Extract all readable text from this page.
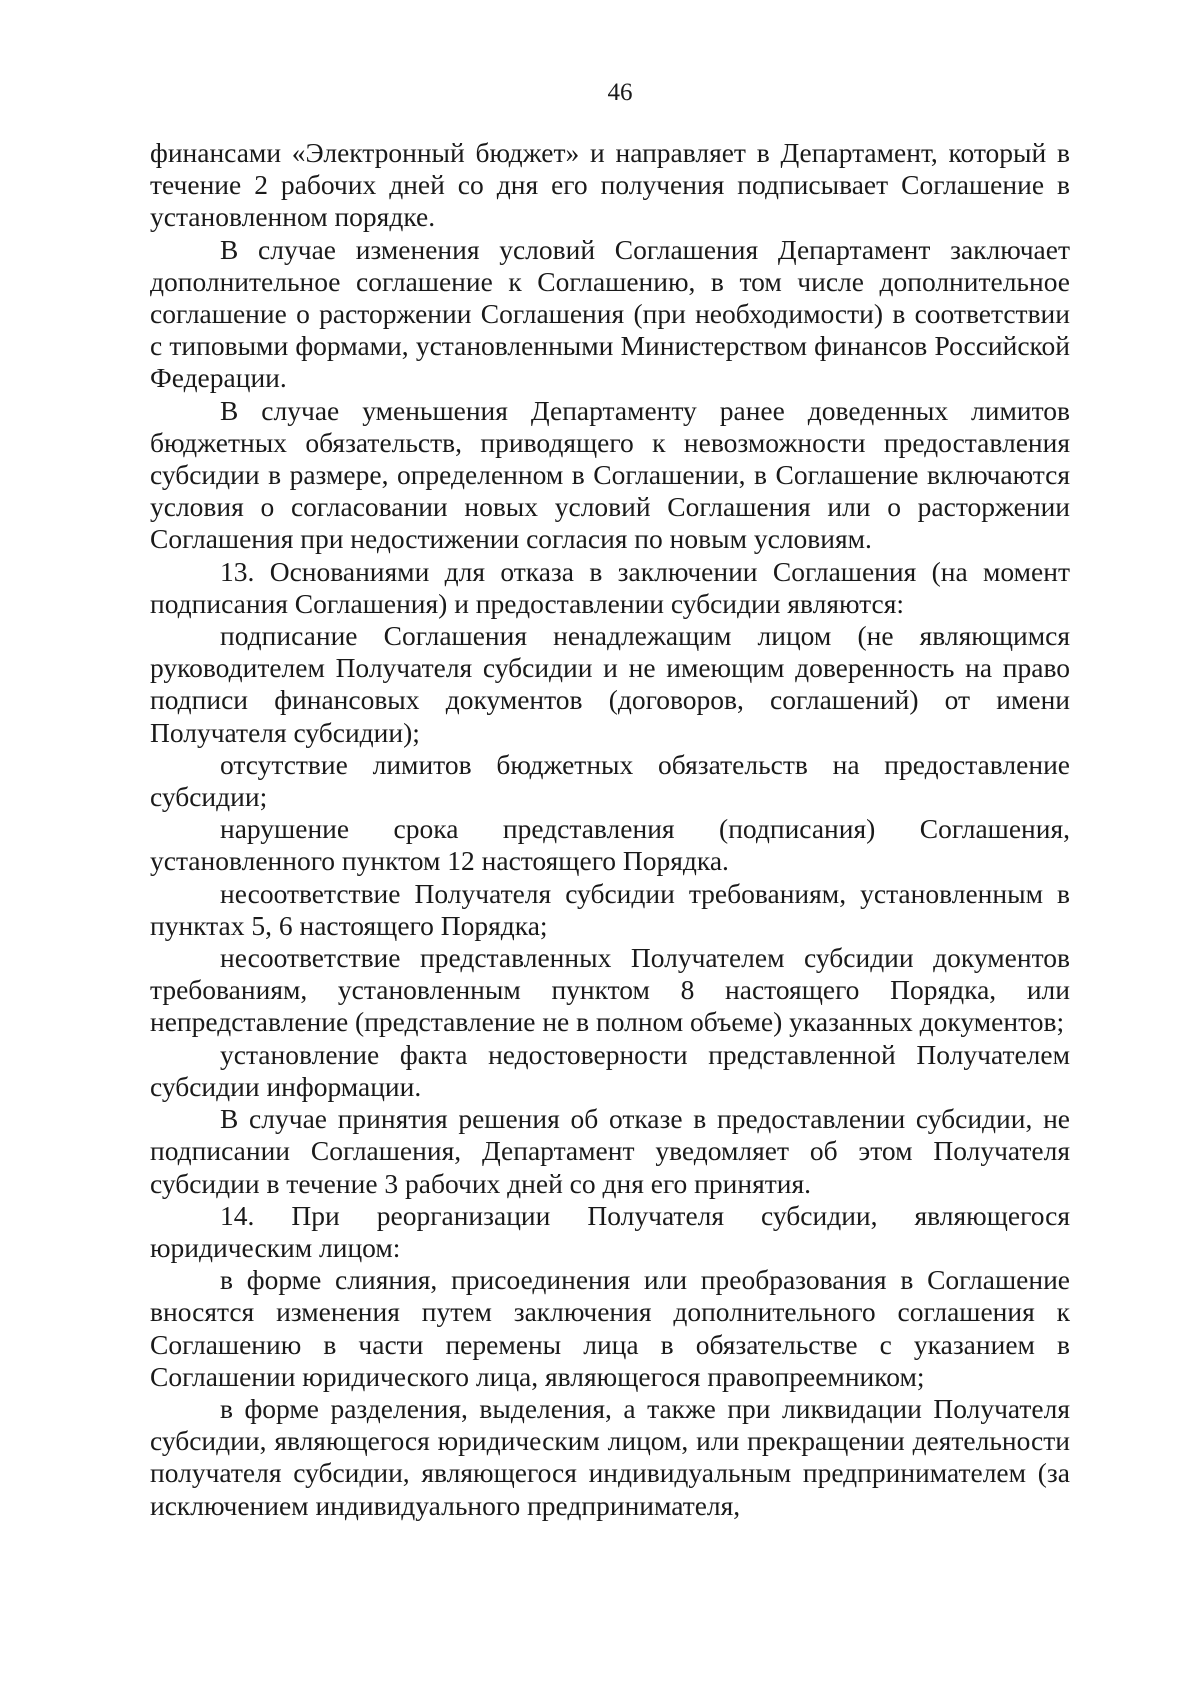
46

финансами «Электронный бюджет» и направляет в Департамент, который в течение 2 рабочих дней со дня его получения подписывает Соглашение в установленном порядке.

В случае изменения условий Соглашения Департамент заключает дополнительное соглашение к Соглашению, в том числе дополнительное соглашение о расторжении Соглашения (при необходимости) в соответствии с типовыми формами, установленными Министерством финансов Российской Федерации.

В случае уменьшения Департаменту ранее доведенных лимитов бюджетных обязательств, приводящего к невозможности предоставления субсидии в размере, определенном в Соглашении, в Соглашение включаются условия о согласовании новых условий Соглашения или о расторжении Соглашения при недостижении согласия по новым условиям.

13. Основаниями для отказа в заключении Соглашения (на момент подписания Соглашения) и предоставлении субсидии являются:

подписание Соглашения ненадлежащим лицом (не являющимся руководителем Получателя субсидии и не имеющим доверенность на право подписи финансовых документов (договоров, соглашений) от имени Получателя субсидии);

отсутствие лимитов бюджетных обязательств на предоставление субсидии;

нарушение срока представления (подписания) Соглашения, установленного пунктом 12 настоящего Порядка.

несоответствие Получателя субсидии требованиям, установленным в пунктах 5, 6 настоящего Порядка;

несоответствие представленных Получателем субсидии документов требованиям, установленным пунктом 8 настоящего Порядка, или непредставление (представление не в полном объеме) указанных документов;

установление факта недостоверности представленной Получателем субсидии информации.

В случае принятия решения об отказе в предоставлении субсидии, не подписании Соглашения, Департамент уведомляет об этом Получателя субсидии в течение 3 рабочих дней со дня его принятия.

14. При реорганизации Получателя субсидии, являющегося юридическим лицом:

в форме слияния, присоединения или преобразования в Соглашение вносятся изменения путем заключения дополнительного соглашения к Соглашению в части перемены лица в обязательстве с указанием в Соглашении юридического лица, являющегося правопреемником;

в форме разделения, выделения, а также при ликвидации Получателя субсидии, являющегося юридическим лицом, или прекращении деятельности получателя субсидии, являющегося индивидуальным предпринимателем (за исключением индивидуального предпринимателя,
